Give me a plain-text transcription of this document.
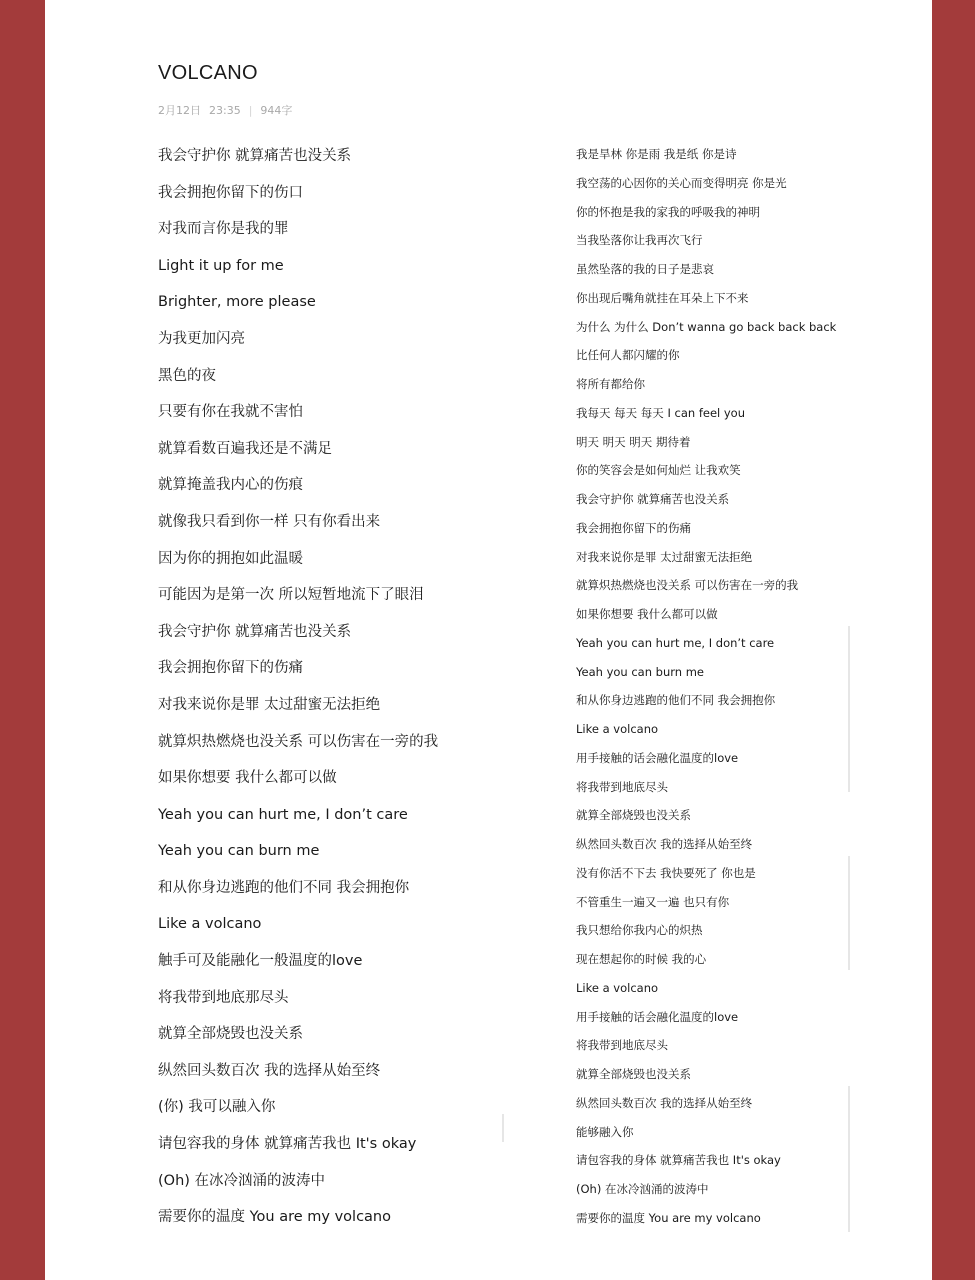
VOLCANO
2月12日 23:35 | 944字
我会守护你 就算痛苦也没关系
我会拥抱你留下的伤口
对我而言你是我的罪
Light it up for me
Brighter, more please
为我更加闪亮
黑色的夜
只要有你在我就不害怕
就算看数百遍我还是不满足
就算掩盖我内心的伤痕
就像我只看到你一样 只有你看出来
因为你的拥抱如此温暖
可能因为是第一次 所以短暂地流下了眼泪
我会守护你 就算痛苦也没关系
我会拥抱你留下的伤痛
对我来说你是罪 太过甜蜜无法拒绝
就算炽热燃烧也没关系 可以伤害在一旁的我
如果你想要 我什么都可以做
Yeah you can hurt me, I don’t care
Yeah you can burn me
和从你身边逃跑的他们不同 我会拥抱你
Like a volcano
触手可及能融化一般温度的love
将我带到地底那尽头
就算全部烧毁也没关系
纵然回头数百次 我的选择从始至终
(你) 我可以融入你
请包容我的身体 就算痛苦我也 It's okay
(Oh) 在冰冷汹涌的波涛中
需要你的温度 You are my volcano
我是旱林 你是雨 我是纸 你是诗
我空荡的心因你的关心而变得明亮 你是光
你的怀抱是我的家我的呼吸我的神明
当我坠落你让我再次飞行
虽然坠落的我的日子是悲哀
你出现后嘴角就挂在耳朵上下不来
为什么 为什么 Don’t wanna go back back back
比任何人都闪耀的你
将所有都给你
我每天 每天 每天 I can feel you
明天 明天 明天 期待着
你的笑容会是如何灿烂 让我欢笑
我会守护你 就算痛苦也没关系
我会拥抱你留下的伤痛
对我来说你是罪 太过甜蜜无法拒绝
就算炽热燃烧也没关系 可以伤害在一旁的我
如果你想要 我什么都可以做
Yeah you can hurt me, I don’t care
Yeah you can burn me
和从你身边逃跑的他们不同 我会拥抱你
Like a volcano
用手接触的话会融化温度的love
将我带到地底尽头
就算全部烧毁也没关系
纵然回头数百次 我的选择从始至终
没有你活不下去 我快要死了 你也是
不管重生一遍又一遍 也只有你
我只想给你我内心的炽热
现在想起你的时候 我的心
Like a volcano
用手接触的话会融化温度的love
将我带到地底尽头
就算全部烧毁也没关系
纵然回头数百次 我的选择从始至终
能够融入你
请包容我的身体 就算痛苦我也 It's okay
(Oh) 在冰冷汹涌的波涛中
需要你的温度 You are my volcano
